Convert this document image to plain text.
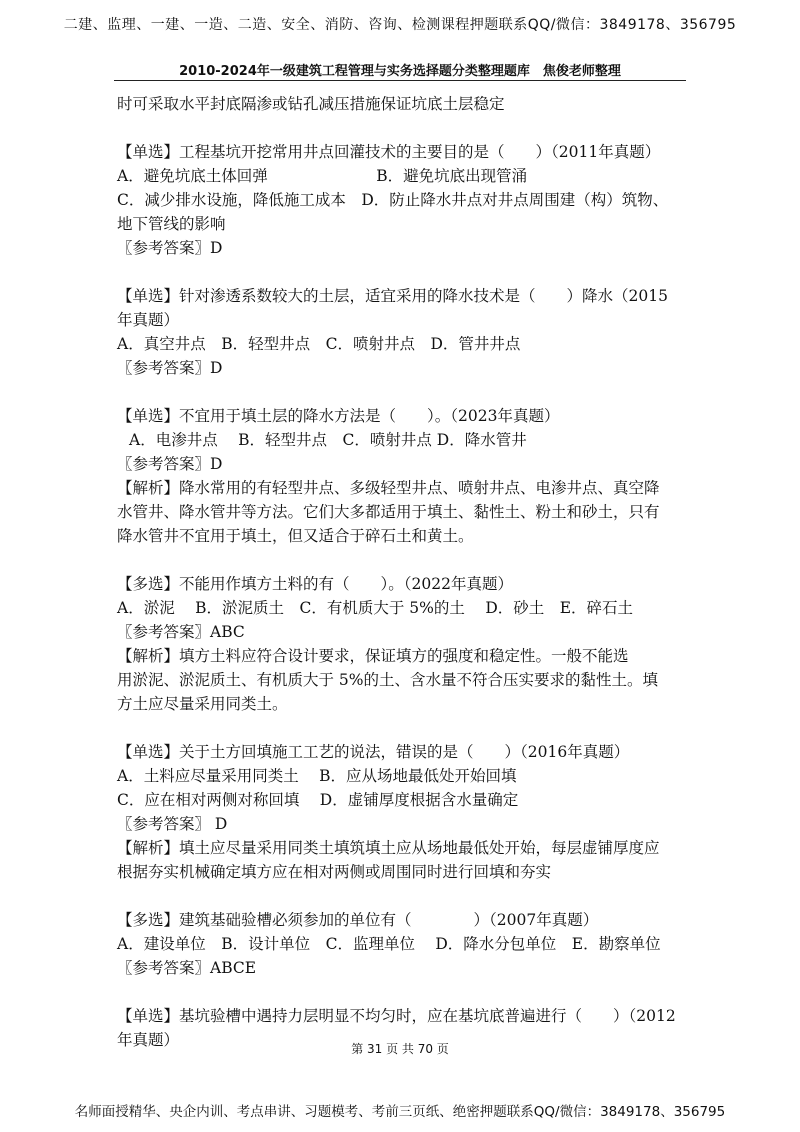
二建、监理、一建、一造、二造、安全、消防、咨询、检测课程押题联系QQ/微信：3849178、356795
2010-2024年一级建筑工程管理与实务选择题分类整理题库　焦俊老师整理

时可采取水平封底隔渗或钻孔减压措施保证坑底土层稳定

【单选】工程基坑开挖常用井点回灌技术的主要目的是（　　）（2011年真题）

A．避免坑底土体回弹　　　　　　　B．避免坑底出现管涌

C．减少排水设施，降低施工成本　D．防止降水井点对井点周围建（构）筑物、

地下管线的影响

〖参考答案〗D

【单选】针对渗透系数较大的土层，适宜采用的降水技术是（　　）降水（2015

年真题）

A．真空井点　B．轻型井点　C．喷射井点　D．管井井点

〖参考答案〗D

【单选】不宜用于填土层的降水方法是（　　）。（2023年真题）

A．电渗井点　 B．轻型井点　C．喷射井点 D．降水管井

〖参考答案〗D

【解析】降水常用的有轻型井点、多级轻型井点、喷射井点、电渗井点、真空降

水管井、降水管井等方法。它们大多都适用于填土、黏性土、粉土和砂土，只有

降水管井不宜用于填土，但又适合于碎石土和黄土。

【多选】不能用作填方土料的有（　　）。（2022年真题）

A．淤泥　 B．淤泥质土　C．有机质大于 5%的土　 D．砂土　E．碎石土

〖参考答案〗ABC

【解析】填方土料应符合设计要求，保证填方的强度和稳定性。一般不能选

用淤泥、淤泥质土、有机质大于 5%的土、含水量不符合压实要求的黏性土。填

方土应尽量采用同类土。

【单选】关于土方回填施工工艺的说法，错误的是（　　）（2016年真题）

A．土料应尽量采用同类土　 B．应从场地最低处开始回填

C．应在相对两侧对称回填　 D．虚铺厚度根据含水量确定

〖参考答案〗 D

【解析】填土应尽量采用同类土填筑填土应从场地最低处开始，每层虚铺厚度应

根据夯实机械确定填方应在相对两侧或周围同时进行回填和夯实

【多选】建筑基础验槽必须参加的单位有（　　　　）（2007年真题）

A．建设单位　B．设计单位　C．监理单位　 D．降水分包单位　E．勘察单位

〖参考答案〗ABCE

【单选】基坑验槽中遇持力层明显不均匀时，应在基坑底普遍进行（　　）（2012

年真题）	第 31 页 共 70 页
名师面授精华、央企内训、考点串讲、习题模考、考前三页纸、绝密押题联系QQ/微信：3849178、356795
